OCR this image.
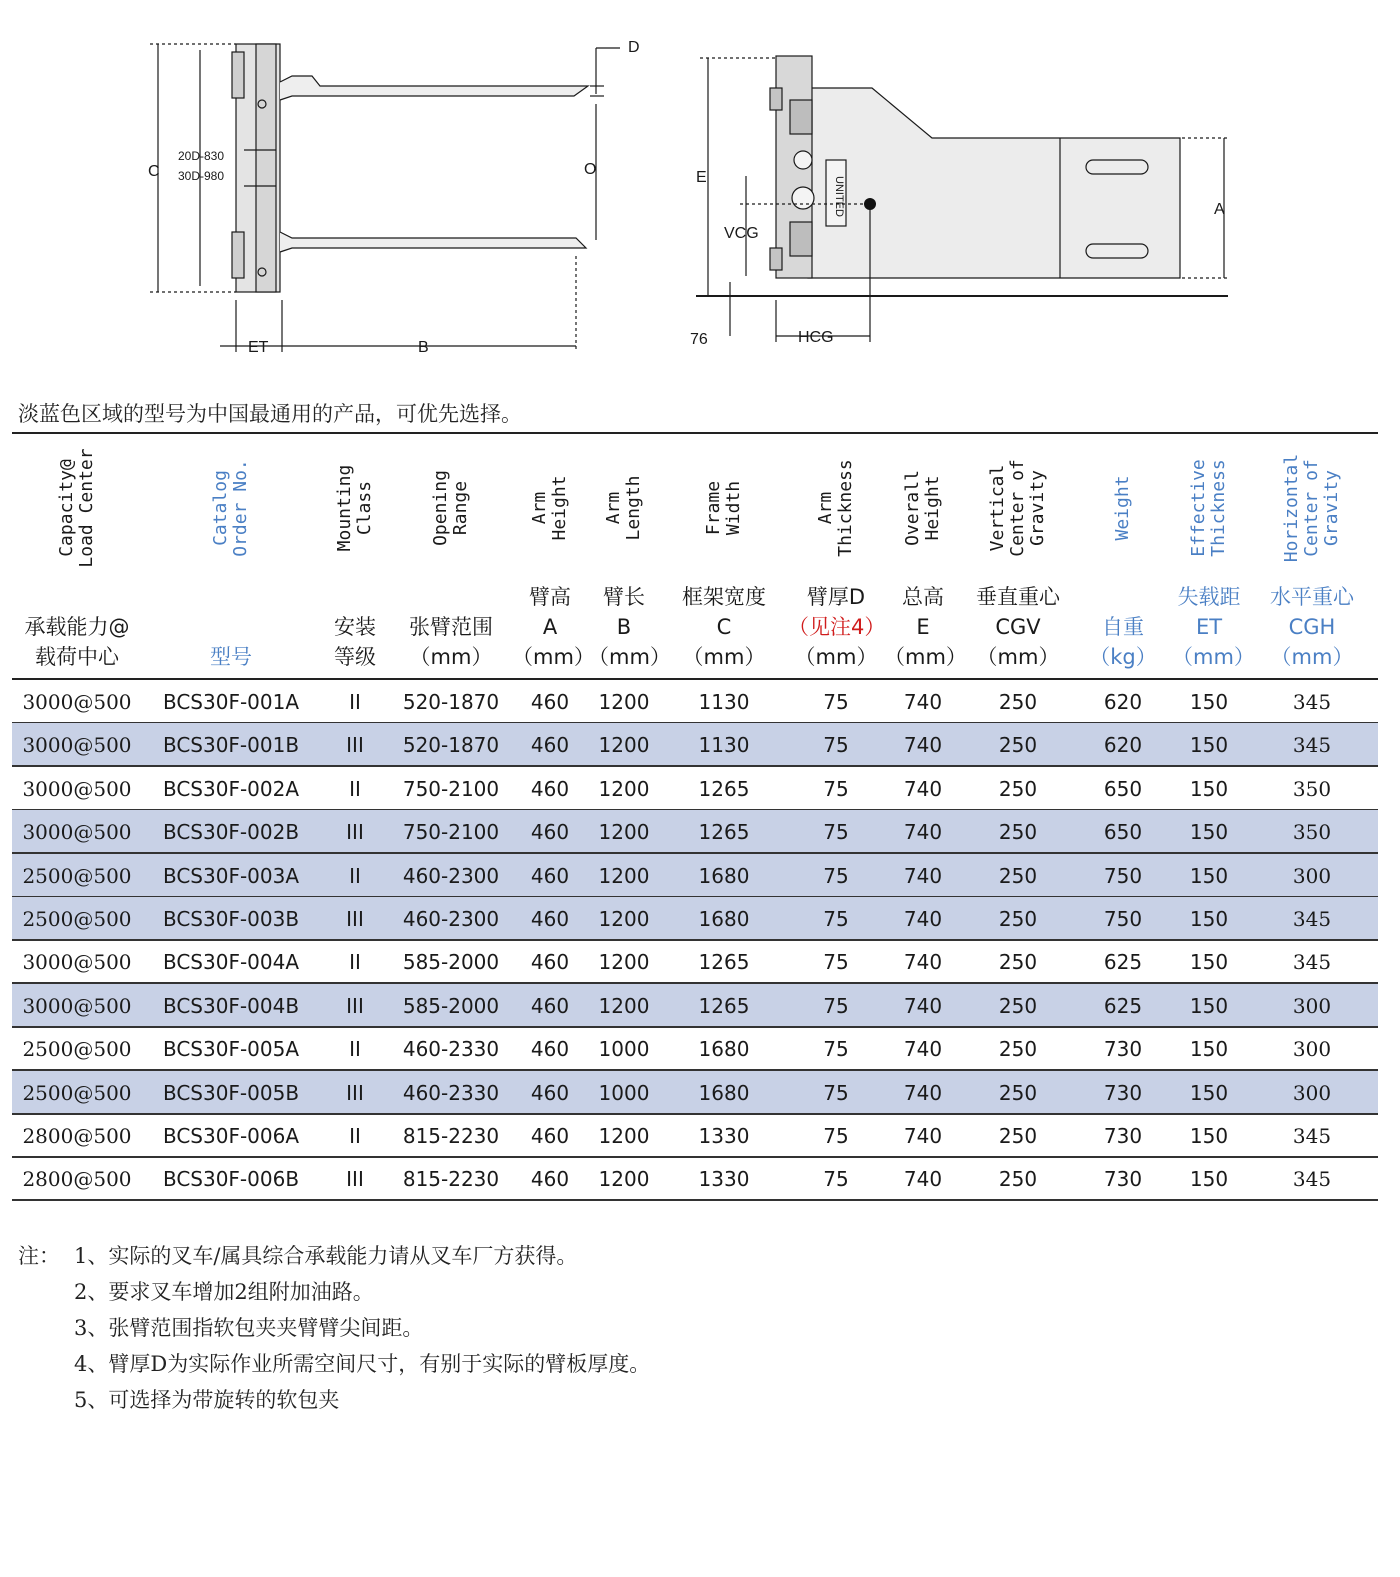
C
D
O
20D-830
30D-980
ET	B
UNITED
E
A
VCG
76	HCG
淡蓝色区域的型号为中国最通用的产品，可优先选择。
Capacity@
Load Center
承载能力@
载荷中心
Catalog
Order No.
型号
Mounting
Class
安装
等级
Opening
Range
张臂范围
（mm）
Arm
Height
臂高
A
（mm）
Arm
Length
臂长
B
（mm）
Frame
Width
框架宽度
C
（mm）
Arm
Thickness
臂厚D
（见注4）
（mm）
Overall
Height
总高
E
（mm）
Vertical
Center of
Gravity
垂直重心
CGV
（mm）
Weight
自重
（kg）
Effective
Thickness
失载距
ET
（mm）
Horizontal
Center of
Gravity
水平重心
CGH
（mm）
3000@500	BCS30F-001A	II	520-1870	460	1200	1130	75	740	250	620	150	345
3000@500	BCS30F-001B	III	520-1870	460	1200	1130	75	740	250	620	150	345
3000@500	BCS30F-002A	II	750-2100	460	1200	1265	75	740	250	650	150	350
3000@500	BCS30F-002B	III	750-2100	460	1200	1265	75	740	250	650	150	350
2500@500	BCS30F-003A	II	460-2300	460	1200	1680	75	740	250	750	150	300
2500@500	BCS30F-003B	III	460-2300	460	1200	1680	75	740	250	750	150	345
3000@500	BCS30F-004A	II	585-2000	460	1200	1265	75	740	250	625	150	345
3000@500	BCS30F-004B	III	585-2000	460	1200	1265	75	740	250	625	150	300
2500@500	BCS30F-005A	II	460-2330	460	1000	1680	75	740	250	730	150	300
2500@500	BCS30F-005B	III	460-2330	460	1000	1680	75	740	250	730	150	300
2800@500	BCS30F-006A	II	815-2230	460	1200	1330	75	740	250	730	150	345
2800@500	BCS30F-006B	III	815-2230	460	1200	1330	75	740	250	730	150	345
注： 1、实际的叉车/属具综合承载能力请从叉车厂方获得。
2、要求叉车增加2组附加油路。
3、张臂范围指软包夹夹臂臂尖间距。
4、臂厚D为实际作业所需空间尺寸，有别于实际的臂板厚度。
5、可选择为带旋转的软包夹
